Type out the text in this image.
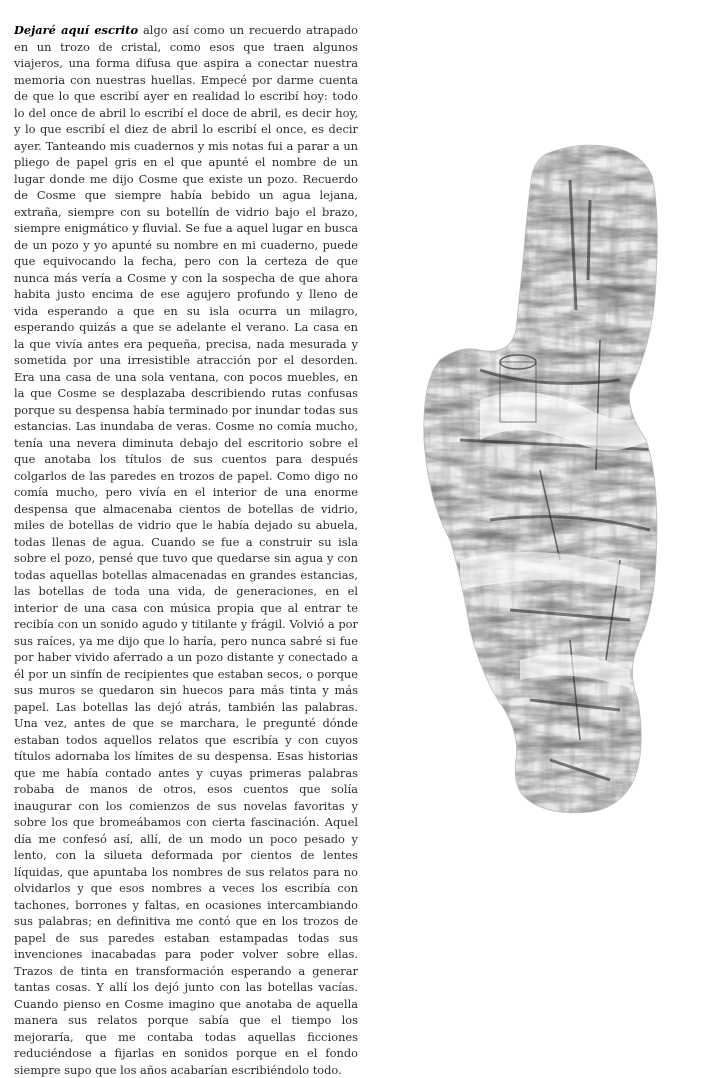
Dejaré aquí escrito algo así como un recuerdo atrapado en un trozo de cristal, como esos que traen algunos viajeros, una forma difusa que aspira a conectar nuestra memoria con nuestras huellas. Empecé por darme cuenta de que lo que escribí ayer en realidad lo escribí hoy: todo lo del once de abril lo escribí el doce de abril, es decir hoy, y lo que escribí el diez de abril lo escribí el once, es decir ayer. Tanteando mis cuadernos y mis notas fui a parar a un pliego de papel gris en el que apunté el nombre de un lugar donde me dijo Cosme que existe un pozo. Recuerdo de Cosme que siempre había bebido un agua lejana, extraña, siempre con su botellín de vidrio bajo el brazo, siempre enigmático y fluvial. Se fue a aquel lugar en busca de un pozo y yo apunté su nombre en mi cuaderno, puede que equivocando la fecha, pero con la certeza de que nunca más vería a Cosme y con la sospecha de que ahora habita justo encima de ese agujero profundo y lleno de vida esperando a que en su isla ocurra un milagro, esperando quizás a que se adelante el verano. La casa en la que vivía antes era pequeña, precisa, nada mesurada y sometida por una irresistible atracción por el desorden. Era una casa de una sola ventana, con pocos muebles, en la que Cosme se desplazaba describiendo rutas confusas porque su despensa había terminado por inundar todas sus estancias. Las inundaba de veras. Cosme no comía mucho, tenía una nevera diminuta debajo del escritorio sobre el que anotaba los títulos de sus cuentos para después colgarlos de las paredes en trozos de papel. Como digo no comía mucho, pero vivía en el interior de una enorme despensa que almacenaba cientos de botellas de vidrio, miles de botellas de vidrio que le había dejado su abuela, todas llenas de agua. Cuando se fue a construir su isla sobre el pozo, pensé que tuvo que quedarse sin agua y con todas aquellas botellas almacenadas en grandes estancias, las botellas de toda una vida, de generaciones, en el interior de una casa con música propia que al entrar te recibía con un sonido agudo y titilante y frágil. Volvió a por sus raíces, ya me dijo que lo haría, pero nunca sabré si fue por haber vivido aferrado a un pozo distante y conectado a él por un sinfín de recipientes que estaban secos, o porque sus muros se quedaron sin huecos para más tinta y más papel. Las botellas las dejó atrás, también las palabras. Una vez, antes de que se marchara, le pregunté dónde estaban todos aquellos relatos que escribía y con cuyos títulos adornaba los límites de su despensa. Esas historias que me había contado antes y cuyas primeras palabras robaba de manos de otros, esos cuentos que solía inaugurar con los comienzos de sus novelas favoritas y sobre los que bromeábamos con cierta fascinación. Aquel día me confesó así, allí, de un modo un poco pesado y lento, con la silueta deformada por cientos de lentes líquidas, que apuntaba los nombres de sus relatos para no olvidarlos y que esos nombres a veces los escribía con tachones, borrones y faltas, en ocasiones intercambiando sus palabras; en definitiva me contó que en los trozos de papel de sus paredes estaban estampadas todas sus invenciones inacabadas para poder volver sobre ellas. Trazos de tinta en transformación esperando a generar tantas cosas. Y allí los dejó junto con las botellas vacías. Cuando pienso en Cosme imagino que anotaba de aquella manera sus relatos porque sabía que el tiempo los mejoraría, que me contaba todas aquellas ficciones reduciéndose a fijarlas en sonidos porque en el fondo siempre supo que los años acabarían escribiéndolo todo.
